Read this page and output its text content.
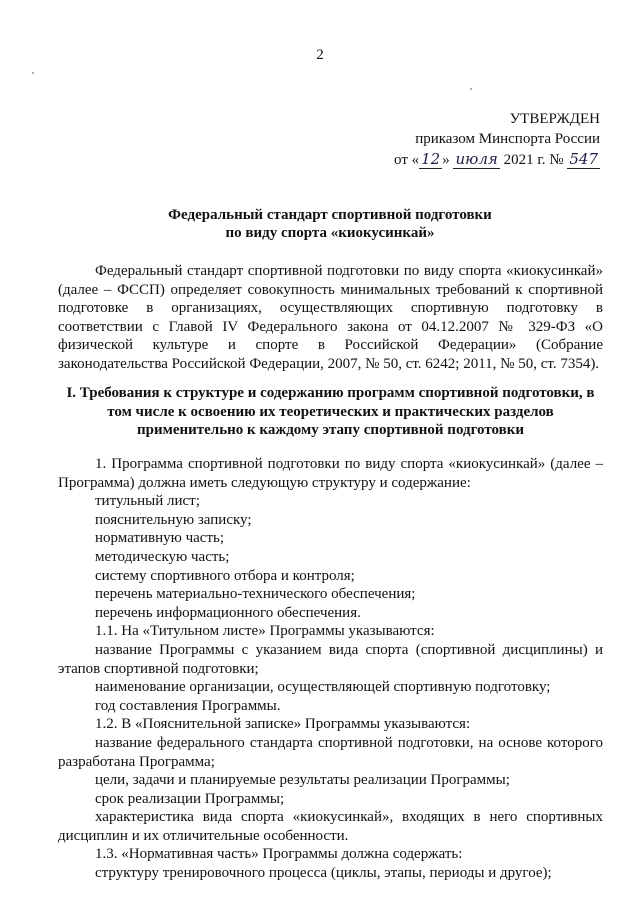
2
УТВЕРЖДЕН
приказом Минспорта России
от « 12 » июля 2021 г. № 547
Федеральный стандарт спортивной подготовки
по виду спорта «киокусинкай»

Федеральный стандарт спортивной подготовки по виду спорта «киокусинкай» (далее – ФССП) определяет совокупность минимальных требований к спортивной подготовке в организациях, осуществляющих спортивную подготовку в соответствии с Главой IV Федерального закона от 04.12.2007 № 329-ФЗ «О физической культуре и спорте в Российской Федерации» (Собрание законодательства Российской Федерации, 2007, № 50, ст. 6242; 2011, № 50, ст. 7354).

I. Требования к структуре и содержанию программ спортивной подготовки, в том числе к освоению их теоретических и практических разделов применительно к каждому этапу спортивной подготовки
1. Программа спортивной подготовки по виду спорта «киокусинкай» (далее – Программа) должна иметь следующую структуру и содержание:
титульный лист;
пояснительную записку;
нормативную часть;
методическую часть;
систему спортивного отбора и контроля;
перечень материально-технического обеспечения;
перечень информационного обеспечения.
1.1. На «Титульном листе» Программы указываются:
название Программы с указанием вида спорта (спортивной дисциплины) и этапов спортивной подготовки;
наименование организации, осуществляющей спортивную подготовку;
год составления Программы.
1.2. В «Пояснительной записке» Программы указываются:
название федерального стандарта спортивной подготовки, на основе которого разработана Программа;
цели, задачи и планируемые результаты реализации Программы;
срок реализации Программы;
характеристика вида спорта «киокусинкай», входящих в него спортивных дисциплин и их отличительные особенности.
1.3. «Нормативная часть» Программы должна содержать:
структуру тренировочного процесса (циклы, этапы, периоды и другое);
